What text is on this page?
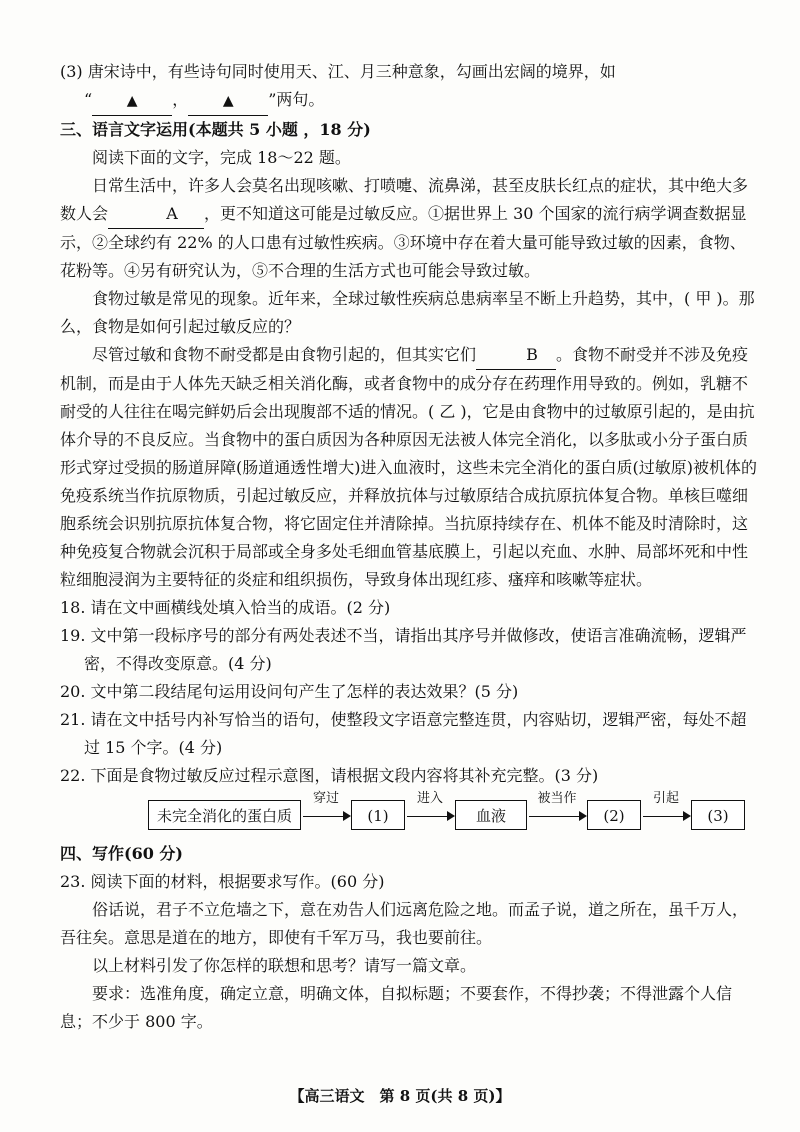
(3) 唐宋诗中，有些诗句同时使用天、江、月三种意象，勾画出宏阔的境界，如

“ ▲ ， ▲ ”两句。

三、语言文字运用(本题共 5 小题 ，18 分)

阅读下面的文字，完成 18～22 题。

日常生活中，许多人会莫名出现咳嗽、打喷嚏、流鼻涕，甚至皮肤长红点的症状，其中绝大多数人会	A ，更不知道这可能是过敏反应。①据世界上 30 个国家的流行病学调查数据显示，②全球约有 22% 的人口患有过敏性疾病。③环境中存在着大量可能导致过敏的因素，食物、花粉等。④另有研究认为，⑤不合理的生活方式也可能会导致过敏。

食物过敏是常见的现象。近年来，全球过敏性疾病总患病率呈不断上升趋势，其中，( 甲 )。那么，食物是如何引起过敏反应的？

尽管过敏和食物不耐受都是由食物引起的，但其实它们	B 。食物不耐受并不涉及免疫机制，而是由于人体先天缺乏相关消化酶，或者食物中的成分存在药理作用导致的。例如，乳糖不耐受的人往往在喝完鲜奶后会出现腹部不适的情况。( 乙 )，它是由食物中的过敏原引起的，是由抗体介导的不良反应。当食物中的蛋白质因为各种原因无法被人体完全消化，以多肽或小分子蛋白质形式穿过受损的肠道屏障(肠道通透性增大)进入血液时，这些未完全消化的蛋白质(过敏原)被机体的免疫系统当作抗原物质，引起过敏反应，并释放抗体与过敏原结合成抗原抗体复合物。单核巨噬细胞系统会识别抗原抗体复合物，将它固定住并清除掉。当抗原持续存在、机体不能及时清除时，这种免疫复合物就会沉积于局部或全身多处毛细血管基底膜上，引起以充血、水肿、局部坏死和中性粒细胞浸润为主要特征的炎症和组织损伤，导致身体出现红疹、瘙痒和咳嗽等症状。

18. 请在文中画横线处填入恰当的成语。(2 分)

19. 文中第一段标序号的部分有两处表述不当，请指出其序号并做修改，使语言准确流畅，逻辑严密，不得改变原意。(4 分)

20. 文中第二段结尾句运用设问句产生了怎样的表达效果？(5 分)

21. 请在文中括号内补写恰当的语句，使整段文字语意完整连贯，内容贴切，逻辑严密，每处不超过 15 个字。(4 分)

22. 下面是食物过敏反应过程示意图，请根据文段内容将其补充完整。(3 分)

未完全消化的蛋白质
穿过
(1)
进入
血液
被当作
(2)
引起
(3)

四、写作(60 分)

23. 阅读下面的材料，根据要求写作。(60 分)

俗话说，君子不立危墙之下，意在劝告人们远离危险之地。而孟子说，道之所在，虽千万人，吾往矣。意思是道在的地方，即使有千军万马，我也要前往。

以上材料引发了你怎样的联想和思考？请写一篇文章。

要求：选准角度，确定立意，明确文体，自拟标题；不要套作，不得抄袭；不得泄露个人信息；不少于 800 字。

【高三语文　第 8 页(共 8 页)】
